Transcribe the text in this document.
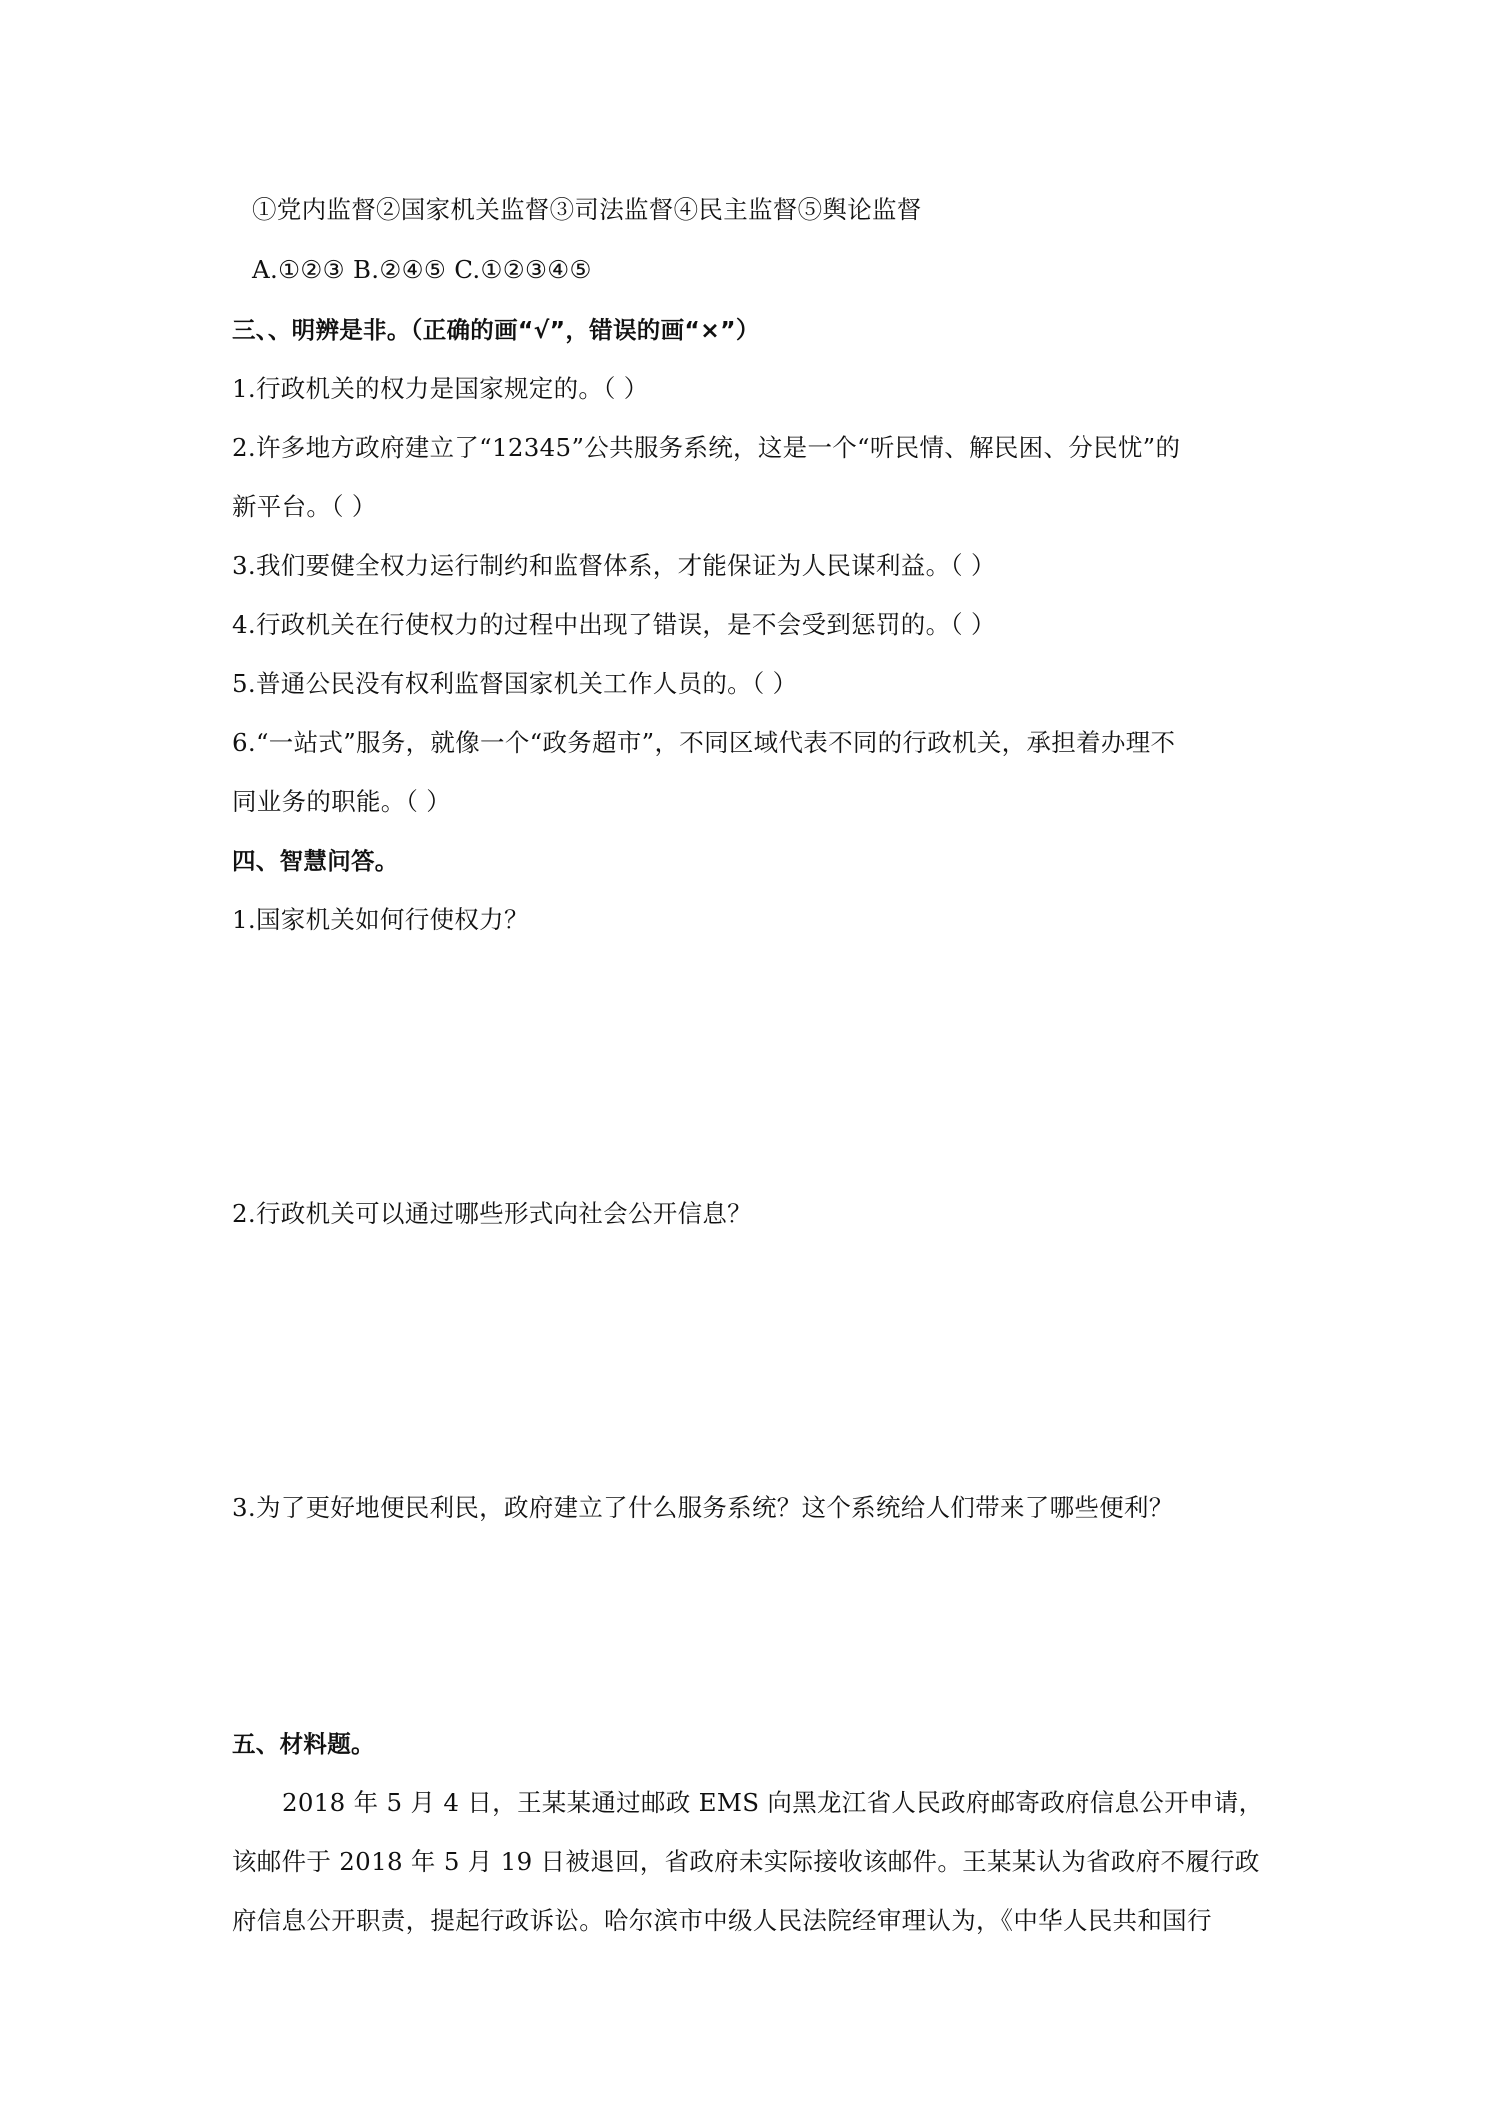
①党内监督②国家机关监督③司法监督④民主监督⑤舆论监督
A.①②③ B.②④⑤ C.①②③④⑤
三、、明辨是非。（正确的画“√”，错误的画“×”）
1.行政机关的权力是国家规定的。（ ）
2.许多地方政府建立了“12345”公共服务系统，这是一个“听民情、解民困、分民忧”的
新平台。（ ）
3.我们要健全权力运行制约和监督体系，才能保证为人民谋利益。（ ）
4.行政机关在行使权力的过程中出现了错误，是不会受到惩罚的。（ ）
5.普通公民没有权利监督国家机关工作人员的。（ ）
6.“一站式”服务，就像一个“政务超市”，不同区域代表不同的行政机关，承担着办理不
同业务的职能。（ ）
四、智慧问答。
1.国家机关如何行使权力？
2.行政机关可以通过哪些形式向社会公开信息？
3.为了更好地便民利民，政府建立了什么服务系统？这个系统给人们带来了哪些便利？
五、材料题。
2018 年 5 月 4 日，王某某通过邮政 EMS 向黑龙江省人民政府邮寄政府信息公开申请，
该邮件于 2018 年 5 月 19 日被退回，省政府未实际接收该邮件。王某某认为省政府不履行政
府信息公开职责，提起行政诉讼。哈尔滨市中级人民法院经审理认为，《中华人民共和国行
